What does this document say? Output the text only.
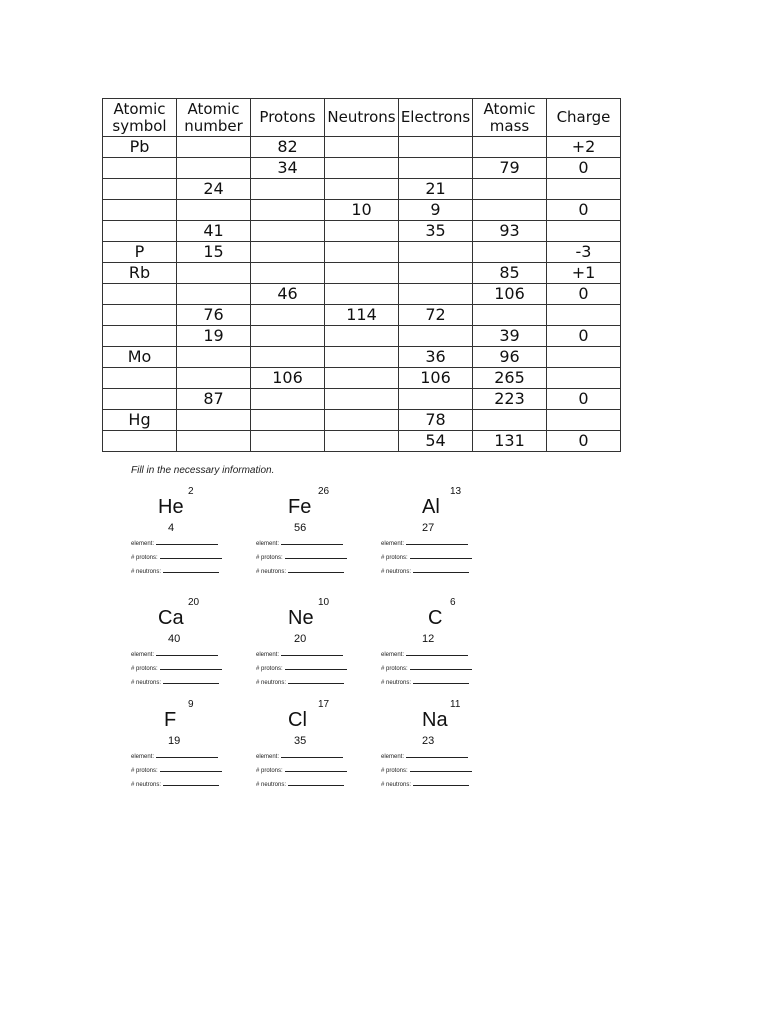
Atomic symbol	Atomic number	Protons	Neutrons	Electrons	Atomic mass	Charge
Pb		82				+2
		34			79	0
	24			21		
			10	9		0
	41			35	93	
P	15					-3
Rb					85	+1
		46			106	0
	76		114	72		
	19				39	0
Mo				36	96	
		106		106	265	
	87				223	0
Hg				78		
				54	131	0
Fill in the necessary information.
2
He
4
element:
# protons:
# neutrons:
26
Fe
56
element:
# protons:
# neutrons:
13
Al
27
element:
# protons:
# neutrons:
20
Ca
40
element:
# protons:
# neutrons:
10
Ne
20
element:
# protons:
# neutrons:
6
C
12
element:
# protons:
# neutrons:
9
F
19
element:
# protons:
# neutrons:
17
Cl
35
element:
# protons:
# neutrons:
11
Na
23
element:
# protons:
# neutrons:
